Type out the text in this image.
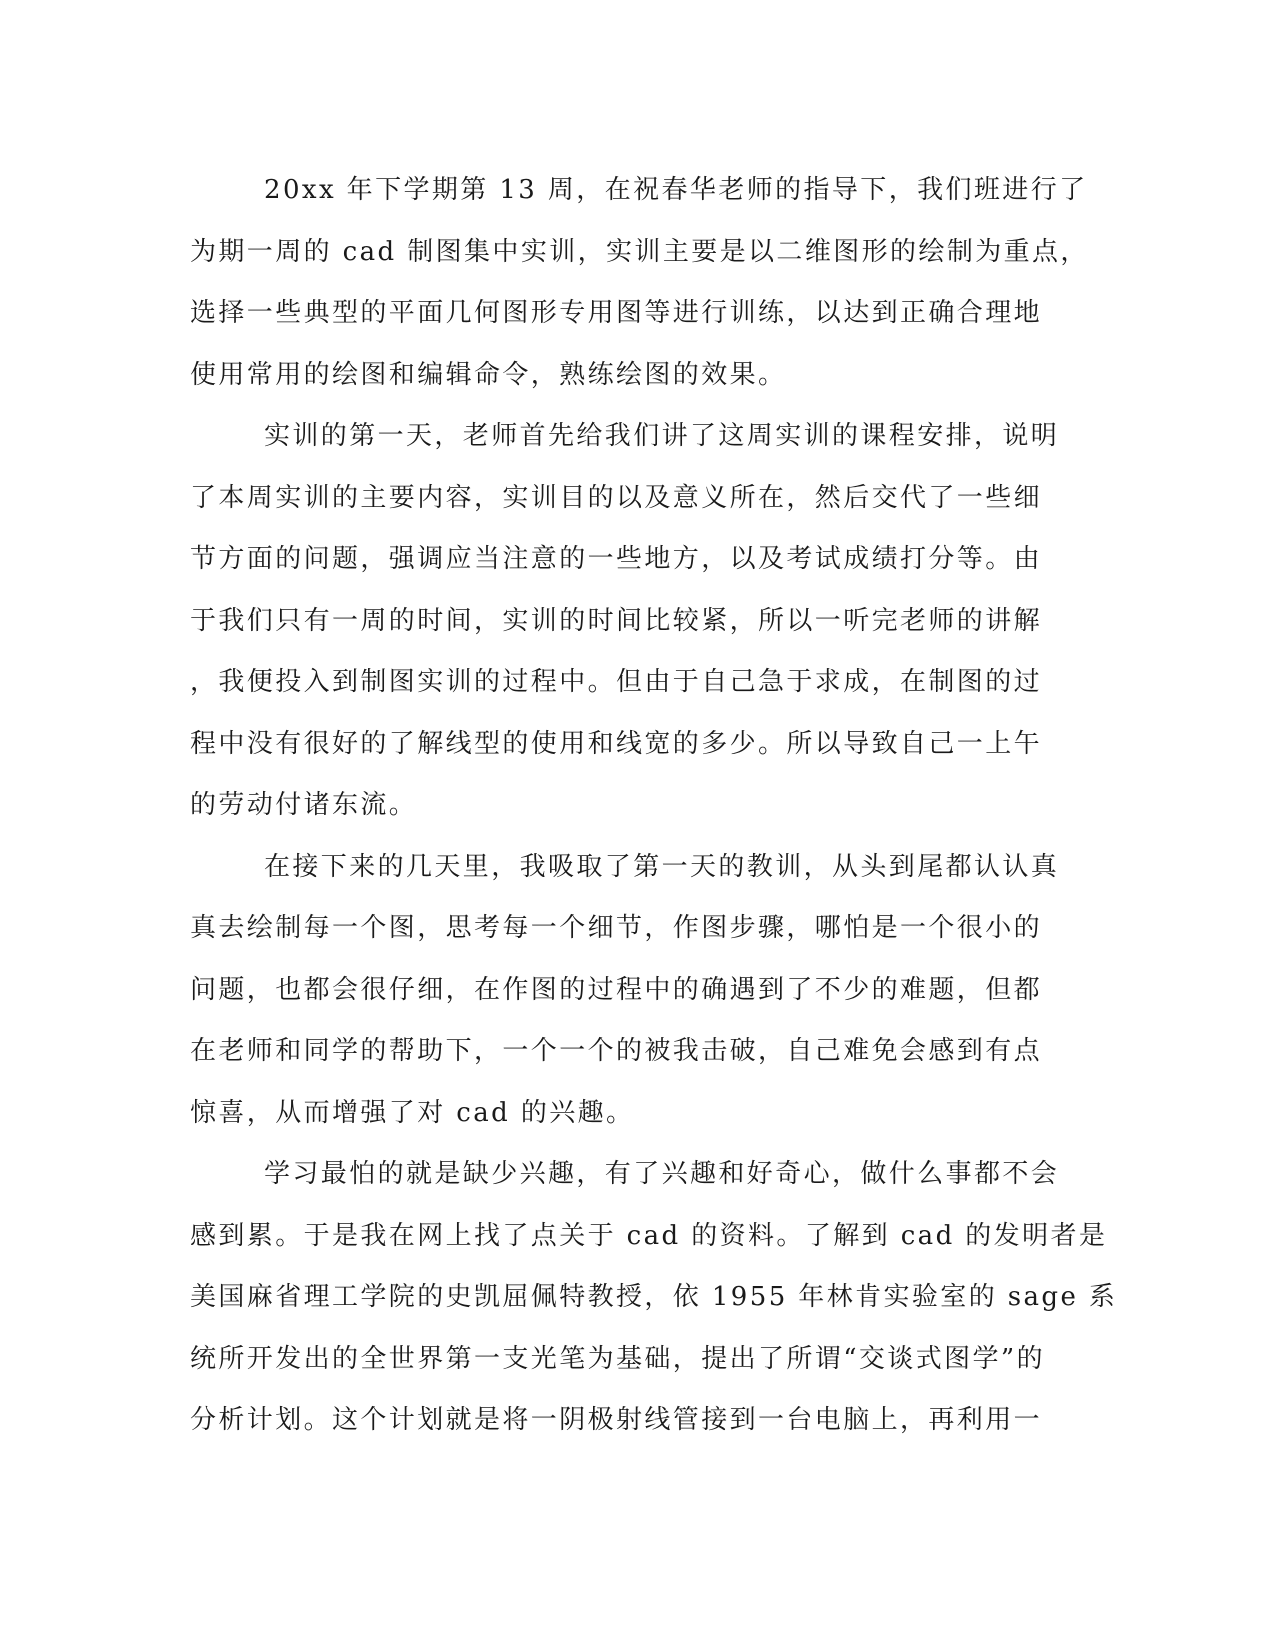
20xx 年下学期第 13 周，在祝春华老师的指导下，我们班进行了
为期一周的 cad 制图集中实训，实训主要是以二维图形的绘制为重点，
选择一些典型的平面几何图形专用图等进行训练，以达到正确合理地
使用常用的绘图和编辑命令，熟练绘图的效果。
实训的第一天，老师首先给我们讲了这周实训的课程安排，说明
了本周实训的主要内容，实训目的以及意义所在，然后交代了一些细
节方面的问题，强调应当注意的一些地方，以及考试成绩打分等。由
于我们只有一周的时间，实训的时间比较紧，所以一听完老师的讲解
，我便投入到制图实训的过程中。但由于自己急于求成，在制图的过
程中没有很好的了解线型的使用和线宽的多少。所以导致自己一上午
的劳动付诸东流。
在接下来的几天里，我吸取了第一天的教训，从头到尾都认认真
真去绘制每一个图，思考每一个细节，作图步骤，哪怕是一个很小的
问题，也都会很仔细，在作图的过程中的确遇到了不少的难题，但都
在老师和同学的帮助下，一个一个的被我击破，自己难免会感到有点
惊喜，从而增强了对 cad 的兴趣。
学习最怕的就是缺少兴趣，有了兴趣和好奇心，做什么事都不会
感到累。于是我在网上找了点关于 cad 的资料。了解到 cad 的发明者是
美国麻省理工学院的史凯屈佩特教授，依 1955 年林肯实验室的 sage 系
统所开发出的全世界第一支光笔为基础，提出了所谓“交谈式图学”的
分析计划。这个计划就是将一阴极射线管接到一台电脑上，再利用一
